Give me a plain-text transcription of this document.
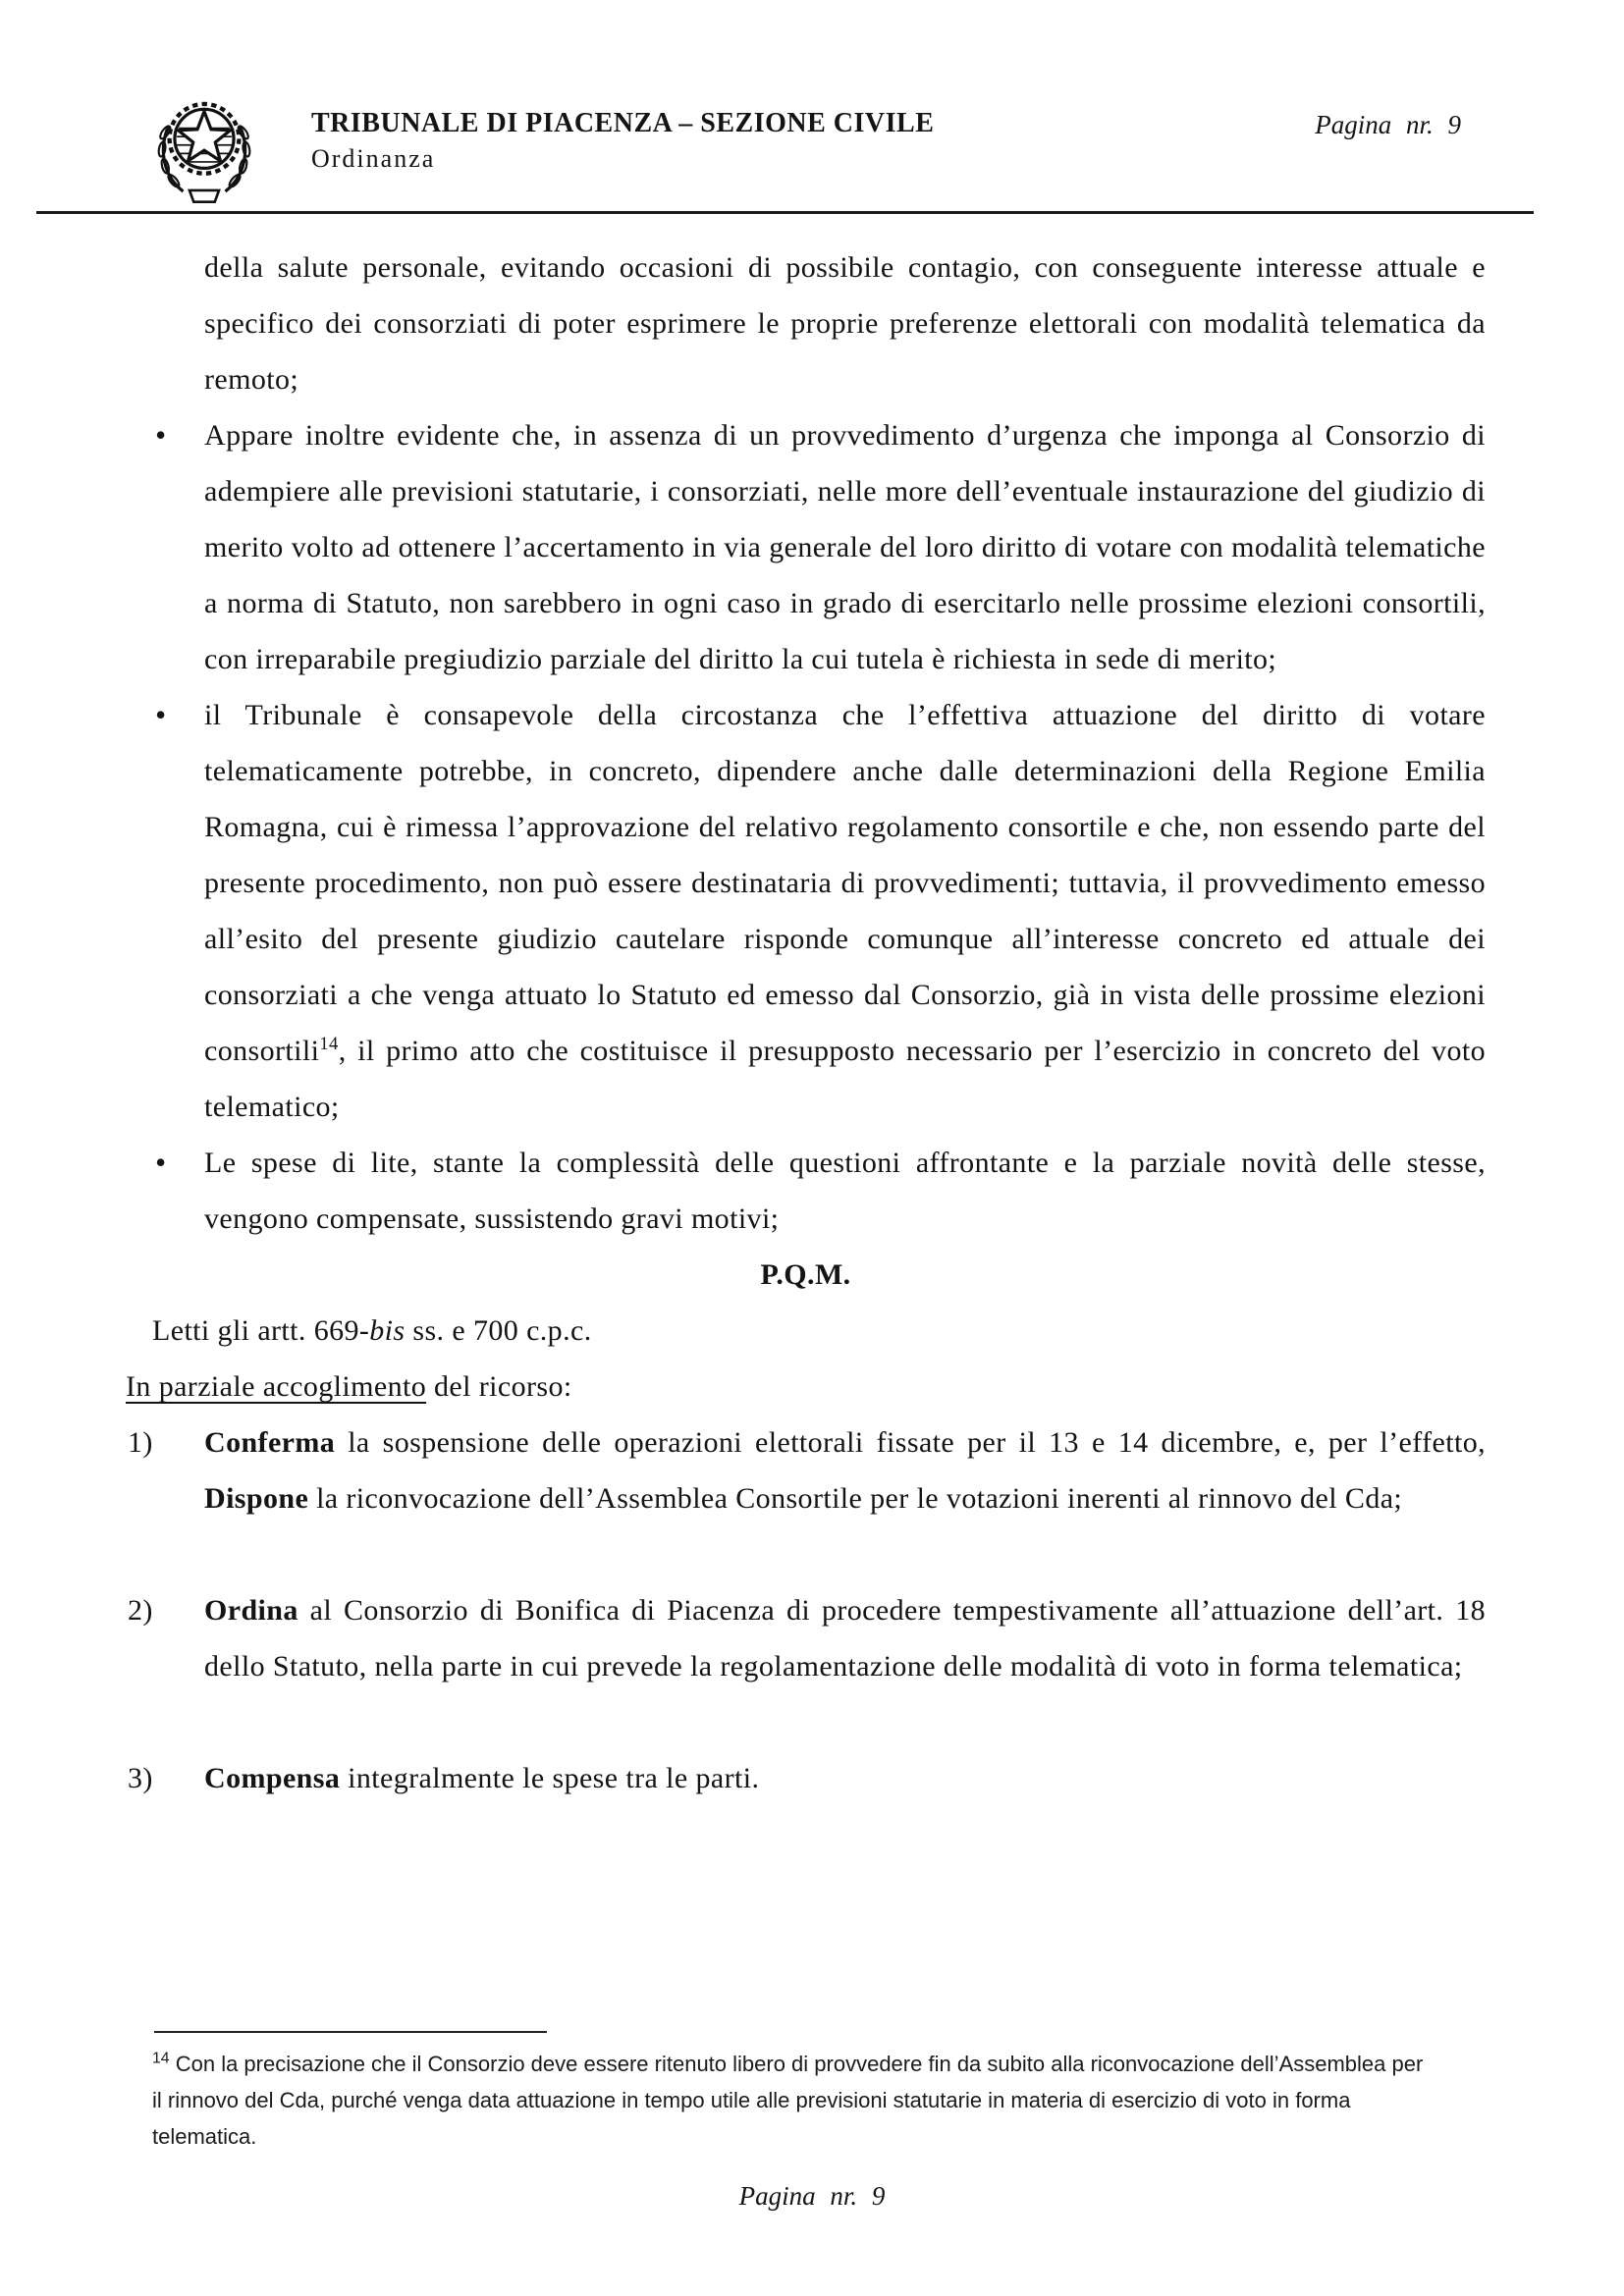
TRIBUNALE DI PIACENZA – SEZIONE CIVILE
Ordinanza
Pagina nr. 9

della salute personale, evitando occasioni di possibile contagio, con conseguente interesse attuale e specifico dei consorziati di poter esprimere le proprie preferenze elettorali con modalità telematica da remoto;

• Appare inoltre evidente che, in assenza di un provvedimento d’urgenza che imponga al Consorzio di adempiere alle previsioni statutarie, i consorziati, nelle more dell’eventuale instaurazione del giudizio di merito volto ad ottenere l’accertamento in via generale del loro diritto di votare con modalità telematiche a norma di Statuto, non sarebbero in ogni caso in grado di esercitarlo nelle prossime elezioni consortili, con irreparabile pregiudizio parziale del diritto la cui tutela è richiesta in sede di merito;

• il Tribunale è consapevole della circostanza che l’effettiva attuazione del diritto di votare telematicamente potrebbe, in concreto, dipendere anche dalle determinazioni della Regione Emilia Romagna, cui è rimessa l’approvazione del relativo regolamento consortile e che, non essendo parte del presente procedimento, non può essere destinataria di provvedimenti; tuttavia, il provvedimento emesso all’esito del presente giudizio cautelare risponde comunque all’interesse concreto ed attuale dei consorziati a che venga attuato lo Statuto ed emesso dal Consorzio, già in vista delle prossime elezioni consortili$^{14}$, il primo atto che costituisce il presupposto necessario per l’esercizio in concreto del voto telematico;

• Le spese di lite, stante la complessità delle questioni affrontante e la parziale novità delle stesse, vengono compensate, sussistendo gravi motivi;

P.Q.M.

Letti gli artt. 669-bis ss. e 700 c.p.c.

In parziale accoglimento del ricorso:

1) Conferma la sospensione delle operazioni elettorali fissate per il 13 e 14 dicembre, e, per l’effetto, Dispone la riconvocazione dell’Assemblea Consortile per le votazioni inerenti al rinnovo del Cda;

2) Ordina al Consorzio di Bonifica di Piacenza di procedere tempestivamente all’attuazione dell’art. 18 dello Statuto, nella parte in cui prevede la regolamentazione delle modalità di voto in forma telematica;

3) Compensa integralmente le spese tra le parti.

$^{14}$ Con la precisazione che il Consorzio deve essere ritenuto libero di provvedere fin da subito alla riconvocazione dell’Assemblea per il rinnovo del Cda, purché venga data attuazione in tempo utile alle previsioni statutarie in materia di esercizio di voto in forma telematica.
Pagina nr. 9
